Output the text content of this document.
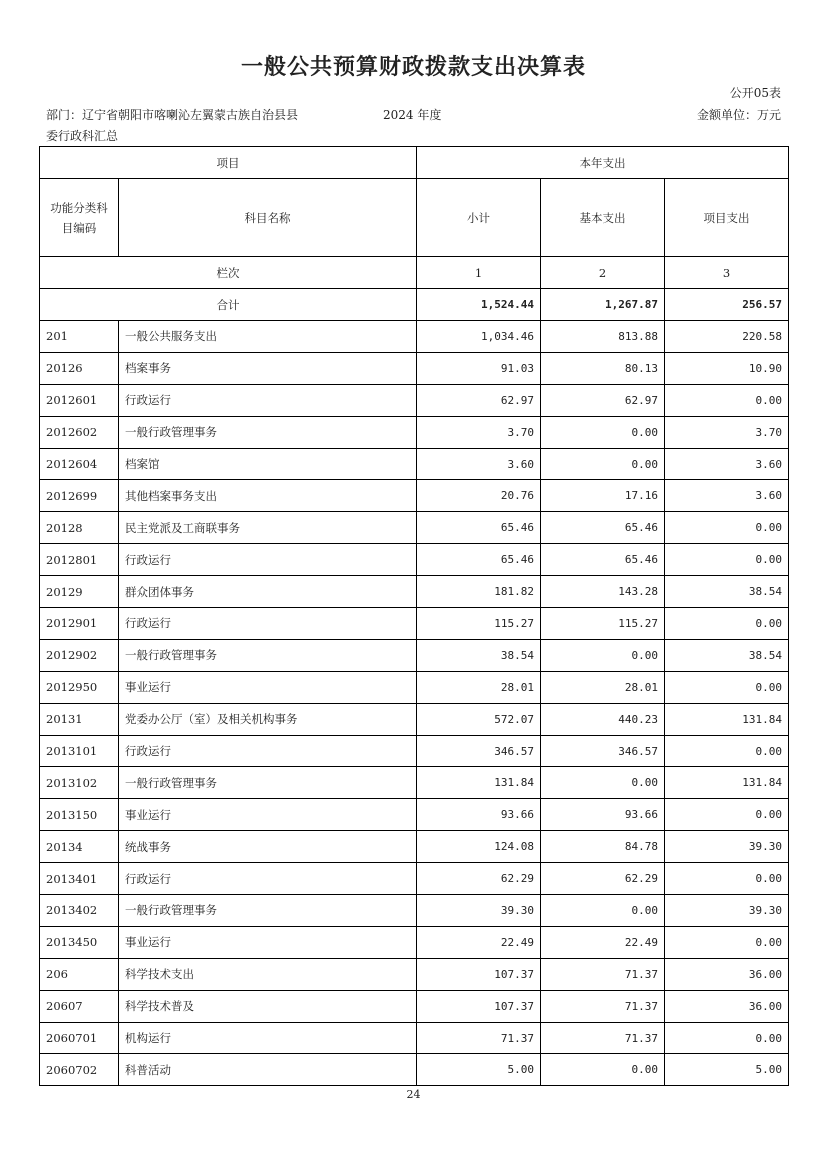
一般公共预算财政拨款支出决算表
公开05表
部门：辽宁省朝阳市喀喇沁左翼蒙古族自治县县	2024 年度	金额单位：万元
委行政科汇总
项目		本年支出		
功能分类科目编码	科目名称	小计	基本支出	项目支出
栏次		1	2	3
合计		1,524.44	1,267.87	256.57
201	一般公共服务支出	1,034.46	813.88	220.58
20126	档案事务	91.03	80.13	10.90
2012601	行政运行	62.97	62.97	0.00
2012602	一般行政管理事务	3.70	0.00	3.70
2012604	档案馆	3.60	0.00	3.60
2012699	其他档案事务支出	20.76	17.16	3.60
20128	民主党派及工商联事务	65.46	65.46	0.00
2012801	行政运行	65.46	65.46	0.00
20129	群众团体事务	181.82	143.28	38.54
2012901	行政运行	115.27	115.27	0.00
2012902	一般行政管理事务	38.54	0.00	38.54
2012950	事业运行	28.01	28.01	0.00
20131	党委办公厅（室）及相关机构事务	572.07	440.23	131.84
2013101	行政运行	346.57	346.57	0.00
2013102	一般行政管理事务	131.84	0.00	131.84
2013150	事业运行	93.66	93.66	0.00
20134	统战事务	124.08	84.78	39.30
2013401	行政运行	62.29	62.29	0.00
2013402	一般行政管理事务	39.30	0.00	39.30
2013450	事业运行	22.49	22.49	0.00
206	科学技术支出	107.37	71.37	36.00
20607	科学技术普及	107.37	71.37	36.00
2060701	机构运行	71.37	71.37	0.00
2060702	科普活动	5.00	0.00	5.00
24
